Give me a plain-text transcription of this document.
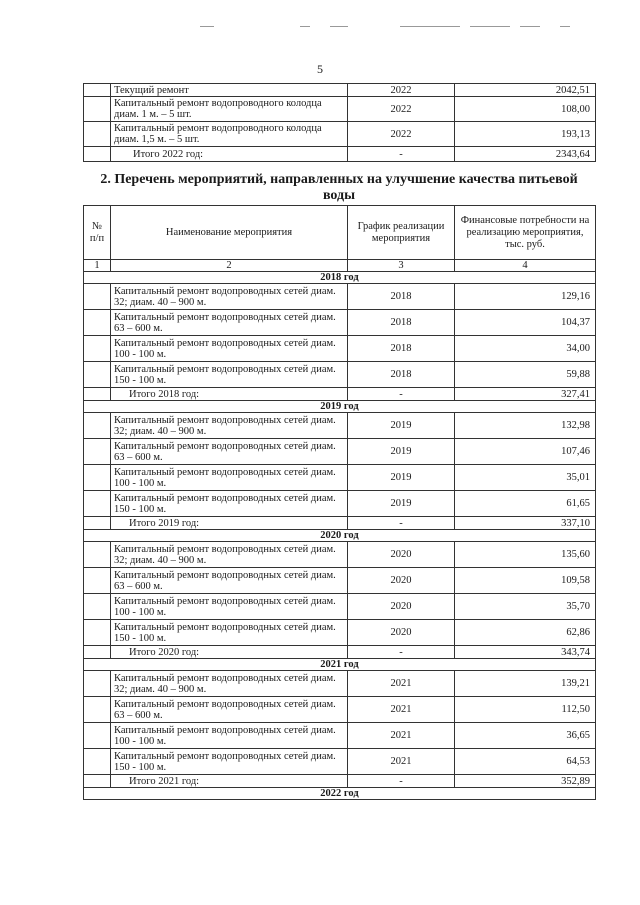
5
	Текущий ремонт	2022	2042,51
	Капитальный ремонт водопроводного колодца диам. 1 м. – 5 шт.	2022	108,00
	Капитальный ремонт водопроводного колодца диам. 1,5 м. – 5 шт.	2022	193,13
	Итого 2022 год:	-	2343,64
2. Перечень мероприятий, направленных на улучшение качества питьевой воды
№ п/п	Наименование мероприятия	График реализации мероприятия	Финансовые потребности на реализацию мероприятия, тыс. руб.
1	2	3	4
2018 год			
	Капитальный ремонт водопроводных сетей диам. 32; диам. 40 – 900 м.	2018	129,16
	Капитальный ремонт водопроводных сетей диам. 63 – 600 м.	2018	104,37
	Капитальный ремонт водопроводных сетей диам. 100 - 100 м.	2018	34,00
	Капитальный ремонт водопроводных сетей диам. 150 - 100 м.	2018	59,88
	Итого 2018 год:	-	327,41
2019 год			
	Капитальный ремонт водопроводных сетей диам. 32; диам. 40 – 900 м.	2019	132,98
	Капитальный ремонт водопроводных сетей диам. 63 – 600 м.	2019	107,46
	Капитальный ремонт водопроводных сетей диам. 100 - 100 м.	2019	35,01
	Капитальный ремонт водопроводных сетей диам. 150 - 100 м.	2019	61,65
	Итого 2019 год:	-	337,10
2020 год			
	Капитальный ремонт водопроводных сетей диам. 32; диам. 40 – 900 м.	2020	135,60
	Капитальный ремонт водопроводных сетей диам. 63 – 600 м.	2020	109,58
	Капитальный ремонт водопроводных сетей диам. 100 - 100 м.	2020	35,70
	Капитальный ремонт водопроводных сетей диам. 150 - 100 м.	2020	62,86
	Итого 2020 год:	-	343,74
2021 год			
	Капитальный ремонт водопроводных сетей диам. 32; диам. 40 – 900 м.	2021	139,21
	Капитальный ремонт водопроводных сетей диам. 63 – 600 м.	2021	112,50
	Капитальный ремонт водопроводных сетей диам. 100 - 100 м.	2021	36,65
	Капитальный ремонт водопроводных сетей диам. 150 - 100 м.	2021	64,53
	Итого 2021 год:	-	352,89
2022 год			
